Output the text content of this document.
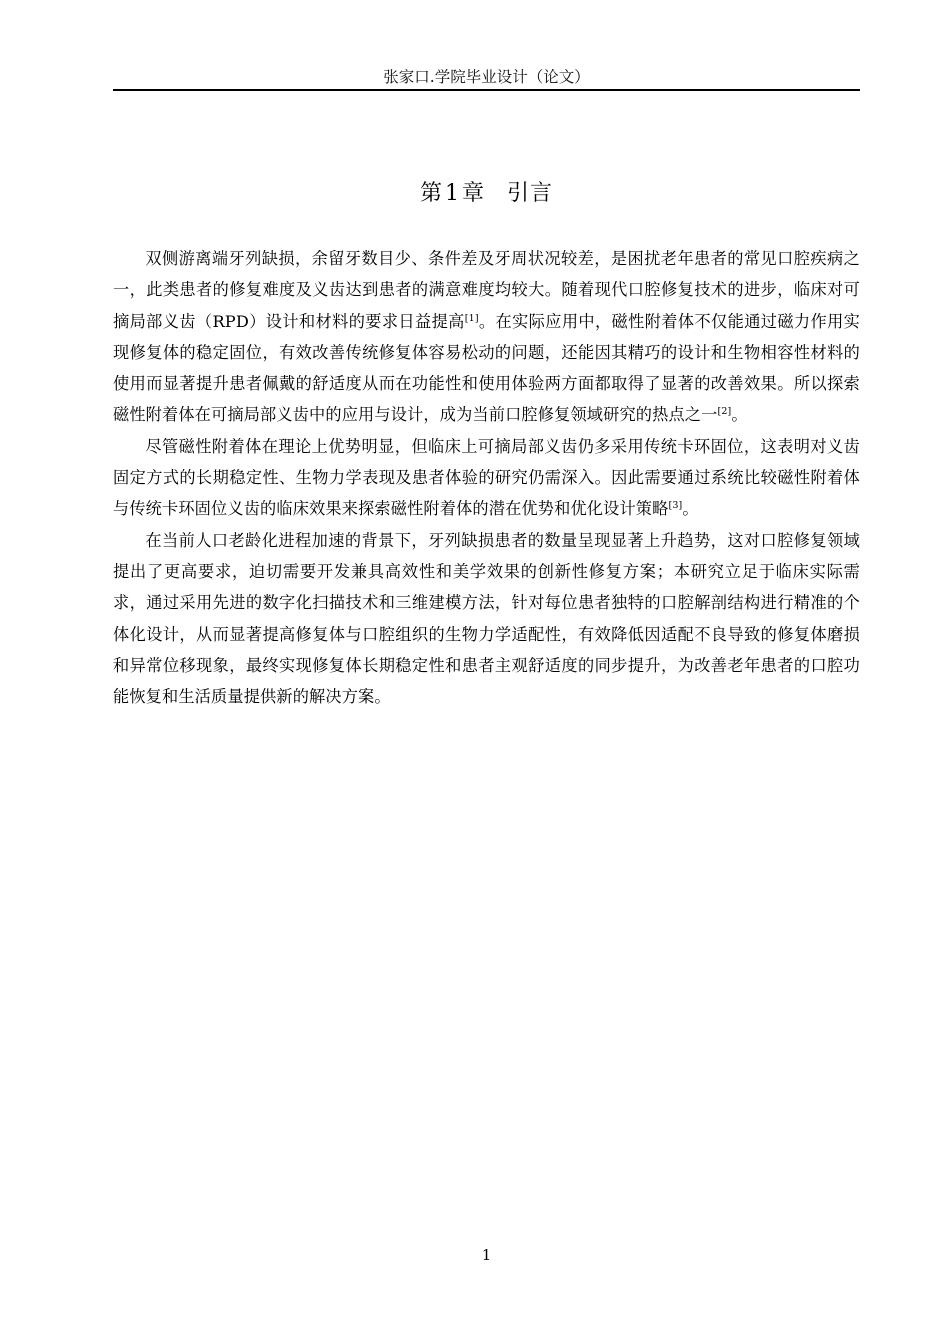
张家口.学院毕业设计（论文）
第1章 引言

双侧游离端牙列缺损，余留牙数目少、条件差及牙周状况较差，是困扰老年患者的常见口腔疾病之一，此类患者的修复难度及义齿达到患者的满意难度均较大。随着现代口腔修复技术的进步，临床对可摘局部义齿（RPD）设计和材料的要求日益提高[1]。在实际应用中，磁性附着体不仅能通过磁力作用实现修复体的稳定固位，有效改善传统修复体容易松动的问题，还能因其精巧的设计和生物相容性材料的使用而显著提升患者佩戴的舒适度从而在功能性和使用体验两方面都取得了显著的改善效果。所以探索磁性附着体在可摘局部义齿中的应用与设计，成为当前口腔修复领域研究的热点之一[2]。

尽管磁性附着体在理论上优势明显，但临床上可摘局部义齿仍多采用传统卡环固位，这表明对义齿固定方式的长期稳定性、生物力学表现及患者体验的研究仍需深入。因此需要通过系统比较磁性附着体与传统卡环固位义齿的临床效果来探索磁性附着体的潜在优势和优化设计策略[3]。

在当前人口老龄化进程加速的背景下，牙列缺损患者的数量呈现显著上升趋势，这对口腔修复领域提出了更高要求，迫切需要开发兼具高效性和美学效果的创新性修复方案；本研究立足于临床实际需求，通过采用先进的数字化扫描技术和三维建模方法，针对每位患者独特的口腔解剖结构进行精准的个体化设计，从而显著提高修复体与口腔组织的生物力学适配性，有效降低因适配不良导致的修复体磨损和异常位移现象，最终实现修复体长期稳定性和患者主观舒适度的同步提升，为改善老年患者的口腔功能恢复和生活质量提供新的解决方案。

1
